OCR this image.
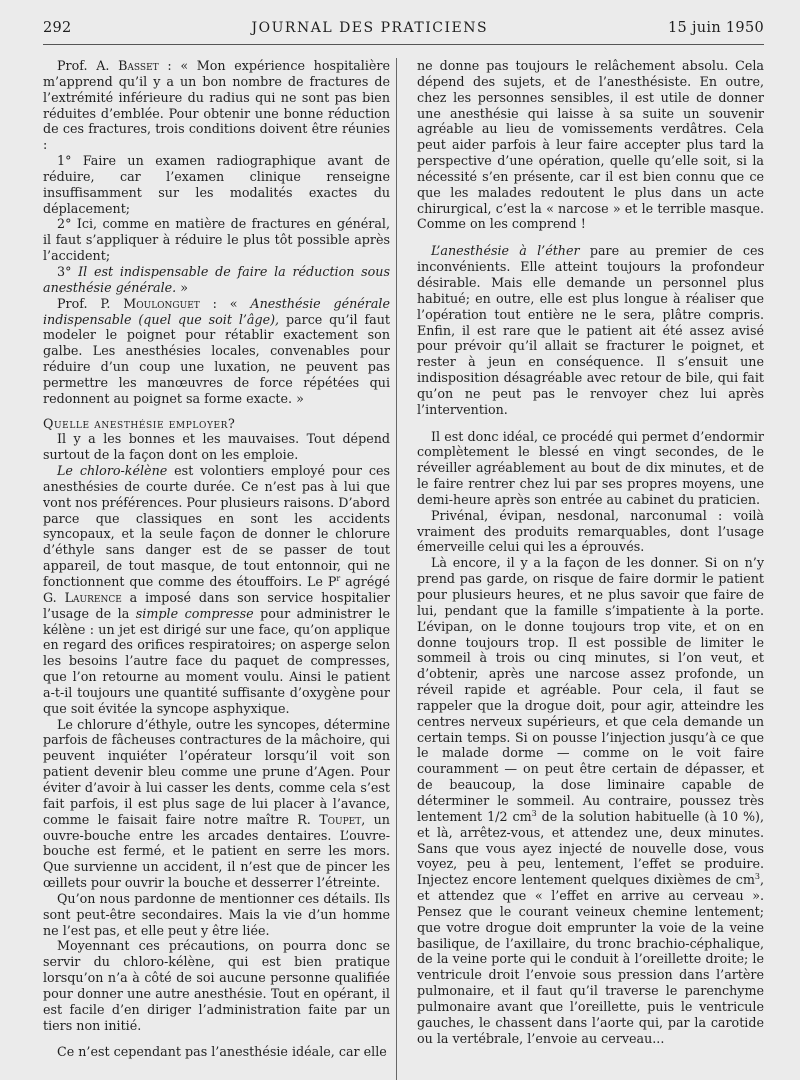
292	JOURNAL DES PRATICIENS	15 juin 1950

Prof. A. Basset : « Mon expérience hospitalière m’apprend qu’il y a un bon nombre de fractures de l’extrémité inférieure du radius qui ne sont pas bien réduites d’emblée. Pour obtenir une bonne réduction de ces fractures, trois conditions doivent être réunies :

1° Faire un examen radiographique avant de réduire, car l’examen clinique renseigne insuffisamment sur les modalités exactes du déplacement;

2° Ici, comme en matière de fractures en général, il faut s’appliquer à réduire le plus tôt possible après l’accident;

3° Il est indispensable de faire la réduction sous anesthésie générale. »

Prof. P. Moulonguet : « Anesthésie générale indispensable (quel que soit l’âge), parce qu’il faut modeler le poignet pour rétablir exactement son galbe. Les anesthésies locales, convenables pour réduire d’un coup une luxation, ne peuvent pas permettre les manœuvres de force répétées qui redonnent au poignet sa forme exacte. »

Quelle anesthésie employer?

Il y a les bonnes et les mauvaises. Tout dépend surtout de la façon dont on les emploie.

Le chloro-kélène est volontiers employé pour ces anesthésies de courte durée. Ce n’est pas à lui que vont nos préférences. Pour plusieurs raisons. D’abord parce que classiques en sont les accidents syncopaux, et la seule façon de donner le chlorure d’éthyle sans danger est de se passer de tout appareil, de tout masque, de tout entonnoir, qui ne fonctionnent que comme des étouffoirs. Le $P^r$ agrégé G. Laurence a imposé dans son service hospitalier l’usage de la simple compresse pour administrer le kélène : un jet est dirigé sur une face, qu’on applique en regard des orifices respiratoires; on asperge selon les besoins l’autre face du paquet de compresses, que l’on retourne au moment voulu. Ainsi le patient a-t-il toujours une quantité suffisante d’oxygène pour que soit évitée la syncope asphyxique.

Le chlorure d’éthyle, outre les syncopes, détermine parfois de fâcheuses contractures de la mâchoire, qui peuvent inquiéter l’opérateur lorsqu’il voit son patient devenir bleu comme une prune d’Agen. Pour éviter d’avoir à lui casser les dents, comme cela s’est fait parfois, il est plus sage de lui placer à l’avance, comme le faisait faire notre maître R. Toupet, un ouvre-bouche entre les arcades dentaires. L’ouvre-bouche est fermé, et le patient en serre les mors. Que survienne un accident, il n’est que de pincer les œillets pour ouvrir la bouche et desserrer l’étreinte.

Qu’on nous pardonne de mentionner ces détails. Ils sont peut-être secondaires. Mais la vie d’un homme ne l’est pas, et elle peut y être liée.

Moyennant ces précautions, on pourra donc se servir du chloro-kélène, qui est bien pratique lorsqu’on n’a à côté de soi aucune personne qualifiée pour donner une autre anesthésie. Tout en opérant, il est facile d’en diriger l’administration faite par un tiers non initié.

Ce n’est cependant pas l’anesthésie idéale, car elle

ne donne pas toujours le relâchement absolu. Cela dépend des sujets, et de l’anesthésiste. En outre, chez les personnes sensibles, il est utile de donner une anesthésie qui laisse à sa suite un souvenir agréable au lieu de vomissements verdâtres. Cela peut aider parfois à leur faire accepter plus tard la perspective d’une opération, quelle qu’elle soit, si la nécessité s’en présente, car il est bien connu que ce que les malades redoutent le plus dans un acte chirurgical, c’est la « narcose » et le terrible masque. Comme on les comprend !

L’anesthésie à l’éther pare au premier de ces inconvénients. Elle atteint toujours la profondeur désirable. Mais elle demande un personnel plus habitué; en outre, elle est plus longue à réaliser que l’opération tout entière ne le sera, plâtre compris. Enfin, il est rare que le patient ait été assez avisé pour prévoir qu’il allait se fracturer le poignet, et rester à jeun en conséquence. Il s’ensuit une indisposition désagréable avec retour de bile, qui fait qu’on ne peut pas le renvoyer chez lui après l’intervention.

Il est donc idéal, ce procédé qui permet d’endormir complètement le blessé en vingt secondes, de le réveiller agréablement au bout de dix minutes, et de le faire rentrer chez lui par ses propres moyens, une demi-heure après son entrée au cabinet du praticien.

Privénal, évipan, nesdonal, narconumal : voilà vraiment des produits remarquables, dont l’usage émerveille celui qui les a éprouvés.

Là encore, il y a la façon de les donner. Si on n’y prend pas garde, on risque de faire dormir le patient pour plusieurs heures, et ne plus savoir que faire de lui, pendant que la famille s’impatiente à la porte. L’évipan, on le donne toujours trop vite, et on en donne toujours trop. Il est possible de limiter le sommeil à trois ou cinq minutes, si l’on veut, et d’obtenir, après une narcose assez profonde, un réveil rapide et agréable. Pour cela, il faut se rappeler que la drogue doit, pour agir, atteindre les centres nerveux supérieurs, et que cela demande un certain temps. Si on pousse l’injection jusqu’à ce que le malade dorme — comme on le voit faire couramment — on peut être certain de dépasser, et de beaucoup, la dose liminaire capable de déterminer le sommeil. Au contraire, poussez très lentement 1/2 $cm^3$ de la solution habituelle (à 10 %), et là, arrêtez-vous, et attendez une, deux minutes. Sans que vous ayez injecté de nouvelle dose, vous voyez, peu à peu, lentement, l’effet se produire. Injectez encore lentement quelques dixièmes de $cm^3$, et attendez que « l’effet en arrive au cerveau ». Pensez que le courant veineux chemine lentement; que votre drogue doit emprunter la voie de la veine basilique, de l’axillaire, du tronc brachio-céphalique, de la veine porte qui le conduit à l’oreillette droite; le ventricule droit l’envoie sous pression dans l’artère pulmonaire, et il faut qu’il traverse le parenchyme pulmonaire avant que l’oreillette, puis le ventricule gauches, le chassent dans l’aorte qui, par la carotide ou la vertébrale, l’envoie au cerveau...
